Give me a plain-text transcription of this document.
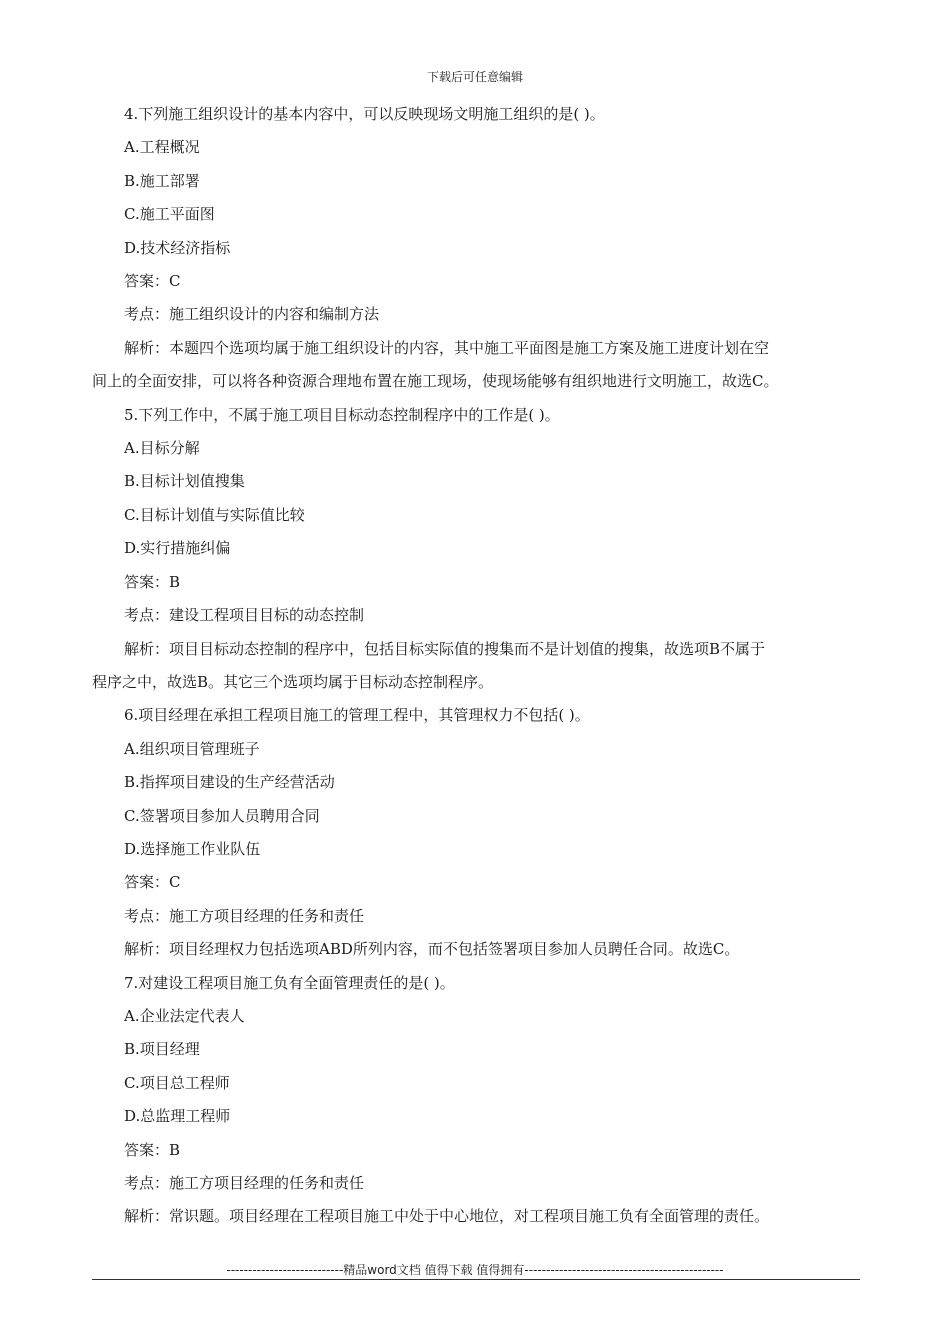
下载后可任意编辑
4.下列施工组织设计的基本内容中，可以反映现场文明施工组织的是( )。
A.工程概况
B.施工部署
C.施工平面图
D.技术经济指标
答案：C
考点：施工组织设计的内容和编制方法
解析：本题四个选项均属于施工组织设计的内容，其中施工平面图是施工方案及施工进度计划在空
间上的全面安排，可以将各种资源合理地布置在施工现场，使现场能够有组织地进行文明施工，故选C。
5.下列工作中，不属于施工项目目标动态控制程序中的工作是( )。
A.目标分解
B.目标计划值搜集
C.目标计划值与实际值比较
D.实行措施纠偏
答案：B
考点：建设工程项目目标的动态控制
解析：项目目标动态控制的程序中，包括目标实际值的搜集而不是计划值的搜集，故选项B不属于
程序之中，故选B。其它三个选项均属于目标动态控制程序。
6.项目经理在承担工程项目施工的管理工程中，其管理权力不包括( )。
A.组织项目管理班子
B.指挥项目建设的生产经营活动
C.签署项目参加人员聘用合同
D.选择施工作业队伍
答案：C
考点：施工方项目经理的任务和责任
解析：项目经理权力包括选项ABD所列内容，而不包括签署项目参加人员聘任合同。故选C。
7.对建设工程项目施工负有全面管理责任的是( )。
A.企业法定代表人
B.项目经理
C.项目总工程师
D.总监理工程师
答案：B
考点：施工方项目经理的任务和责任
解析：常识题。项目经理在工程项目施工中处于中心地位，对工程项目施工负有全面管理的责任。
---------------------------精品word文档 值得下载 值得拥有----------------------------------------------
